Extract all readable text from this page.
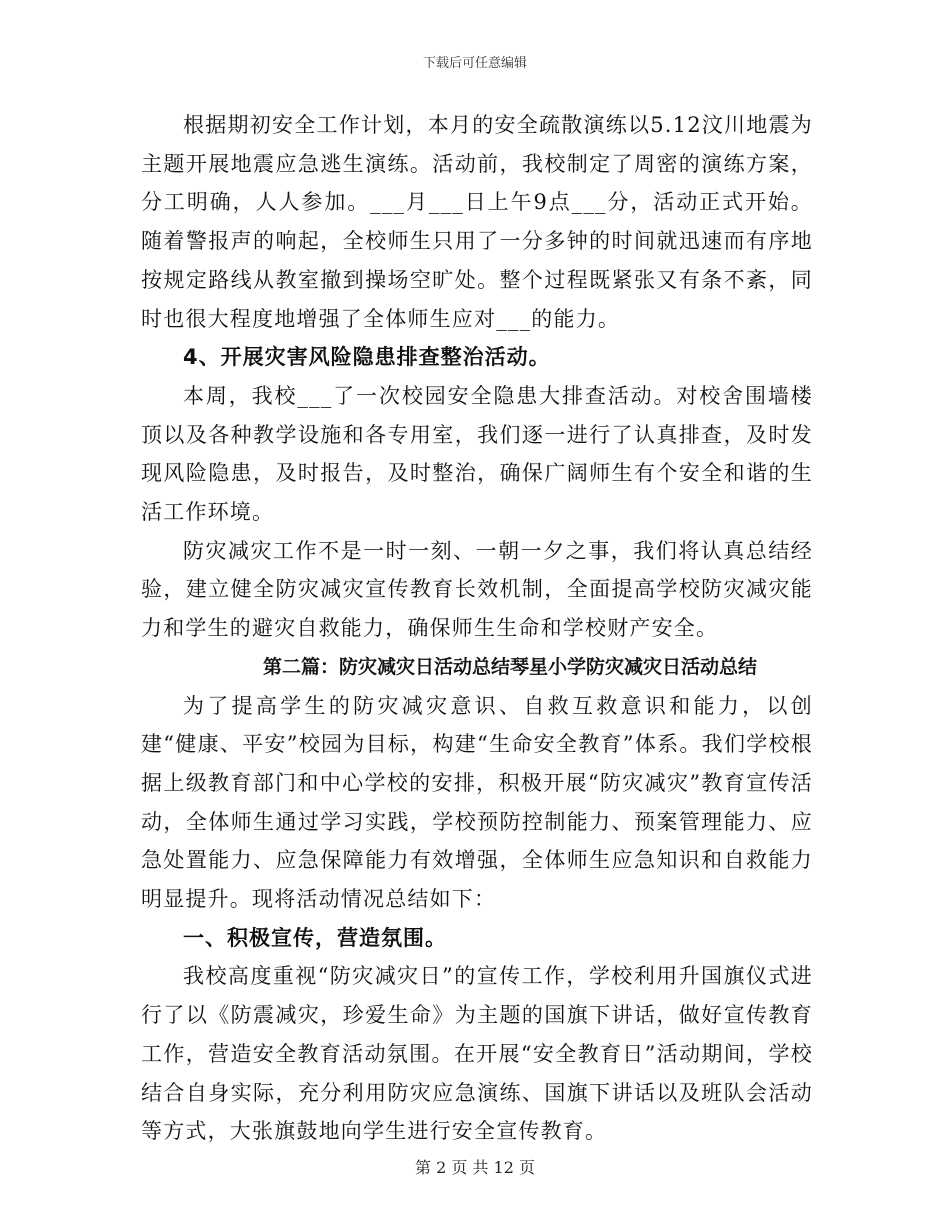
下载后可任意编辑

根据期初安全工作计划，本月的安全疏散演练以5.12汶川地震为主题开展地震应急逃生演练。活动前，我校制定了周密的演练方案，分工明确，人人参加。___月___日上午9点___分，活动正式开始。随着警报声的响起，全校师生只用了一分多钟的时间就迅速而有序地按规定路线从教室撤到操场空旷处。整个过程既紧张又有条不紊，同时也很大程度地增强了全体师生应对___的能力。

4、开展灾害风险隐患排查整治活动。

本周，我校___了一次校园安全隐患大排查活动。对校舍围墙楼顶以及各种教学设施和各专用室，我们逐一进行了认真排查，及时发现风险隐患，及时报告，及时整治，确保广阔师生有个安全和谐的生活工作环境。

防灾减灾工作不是一时一刻、一朝一夕之事，我们将认真总结经验，建立健全防灾减灾宣传教育长效机制，全面提高学校防灾减灾能力和学生的避灾自救能力，确保师生生命和学校财产安全。

第二篇：防灾减灾日活动总结琴星小学防灾减灾日活动总结

为了提高学生的防灾减灾意识、自救互救意识和能力，以创建“健康、平安”校园为目标，构建“生命安全教育”体系。我们学校根据上级教育部门和中心学校的安排，积极开展“防灾减灾”教育宣传活动，全体师生通过学习实践，学校预防控制能力、预案管理能力、应急处置能力、应急保障能力有效增强，全体师生应急知识和自救能力明显提升。现将活动情况总结如下：

一、积极宣传，营造氛围。

我校高度重视“防灾减灾日”的宣传工作，学校利用升国旗仪式进行了以《防震减灾，珍爱生命》为主题的国旗下讲话，做好宣传教育工作，营造安全教育活动氛围。在开展“安全教育日”活动期间，学校结合自身实际，充分利用防灾应急演练、国旗下讲话以及班队会活动等方式，大张旗鼓地向学生进行安全宣传教育。

第 2 页 共 12 页
